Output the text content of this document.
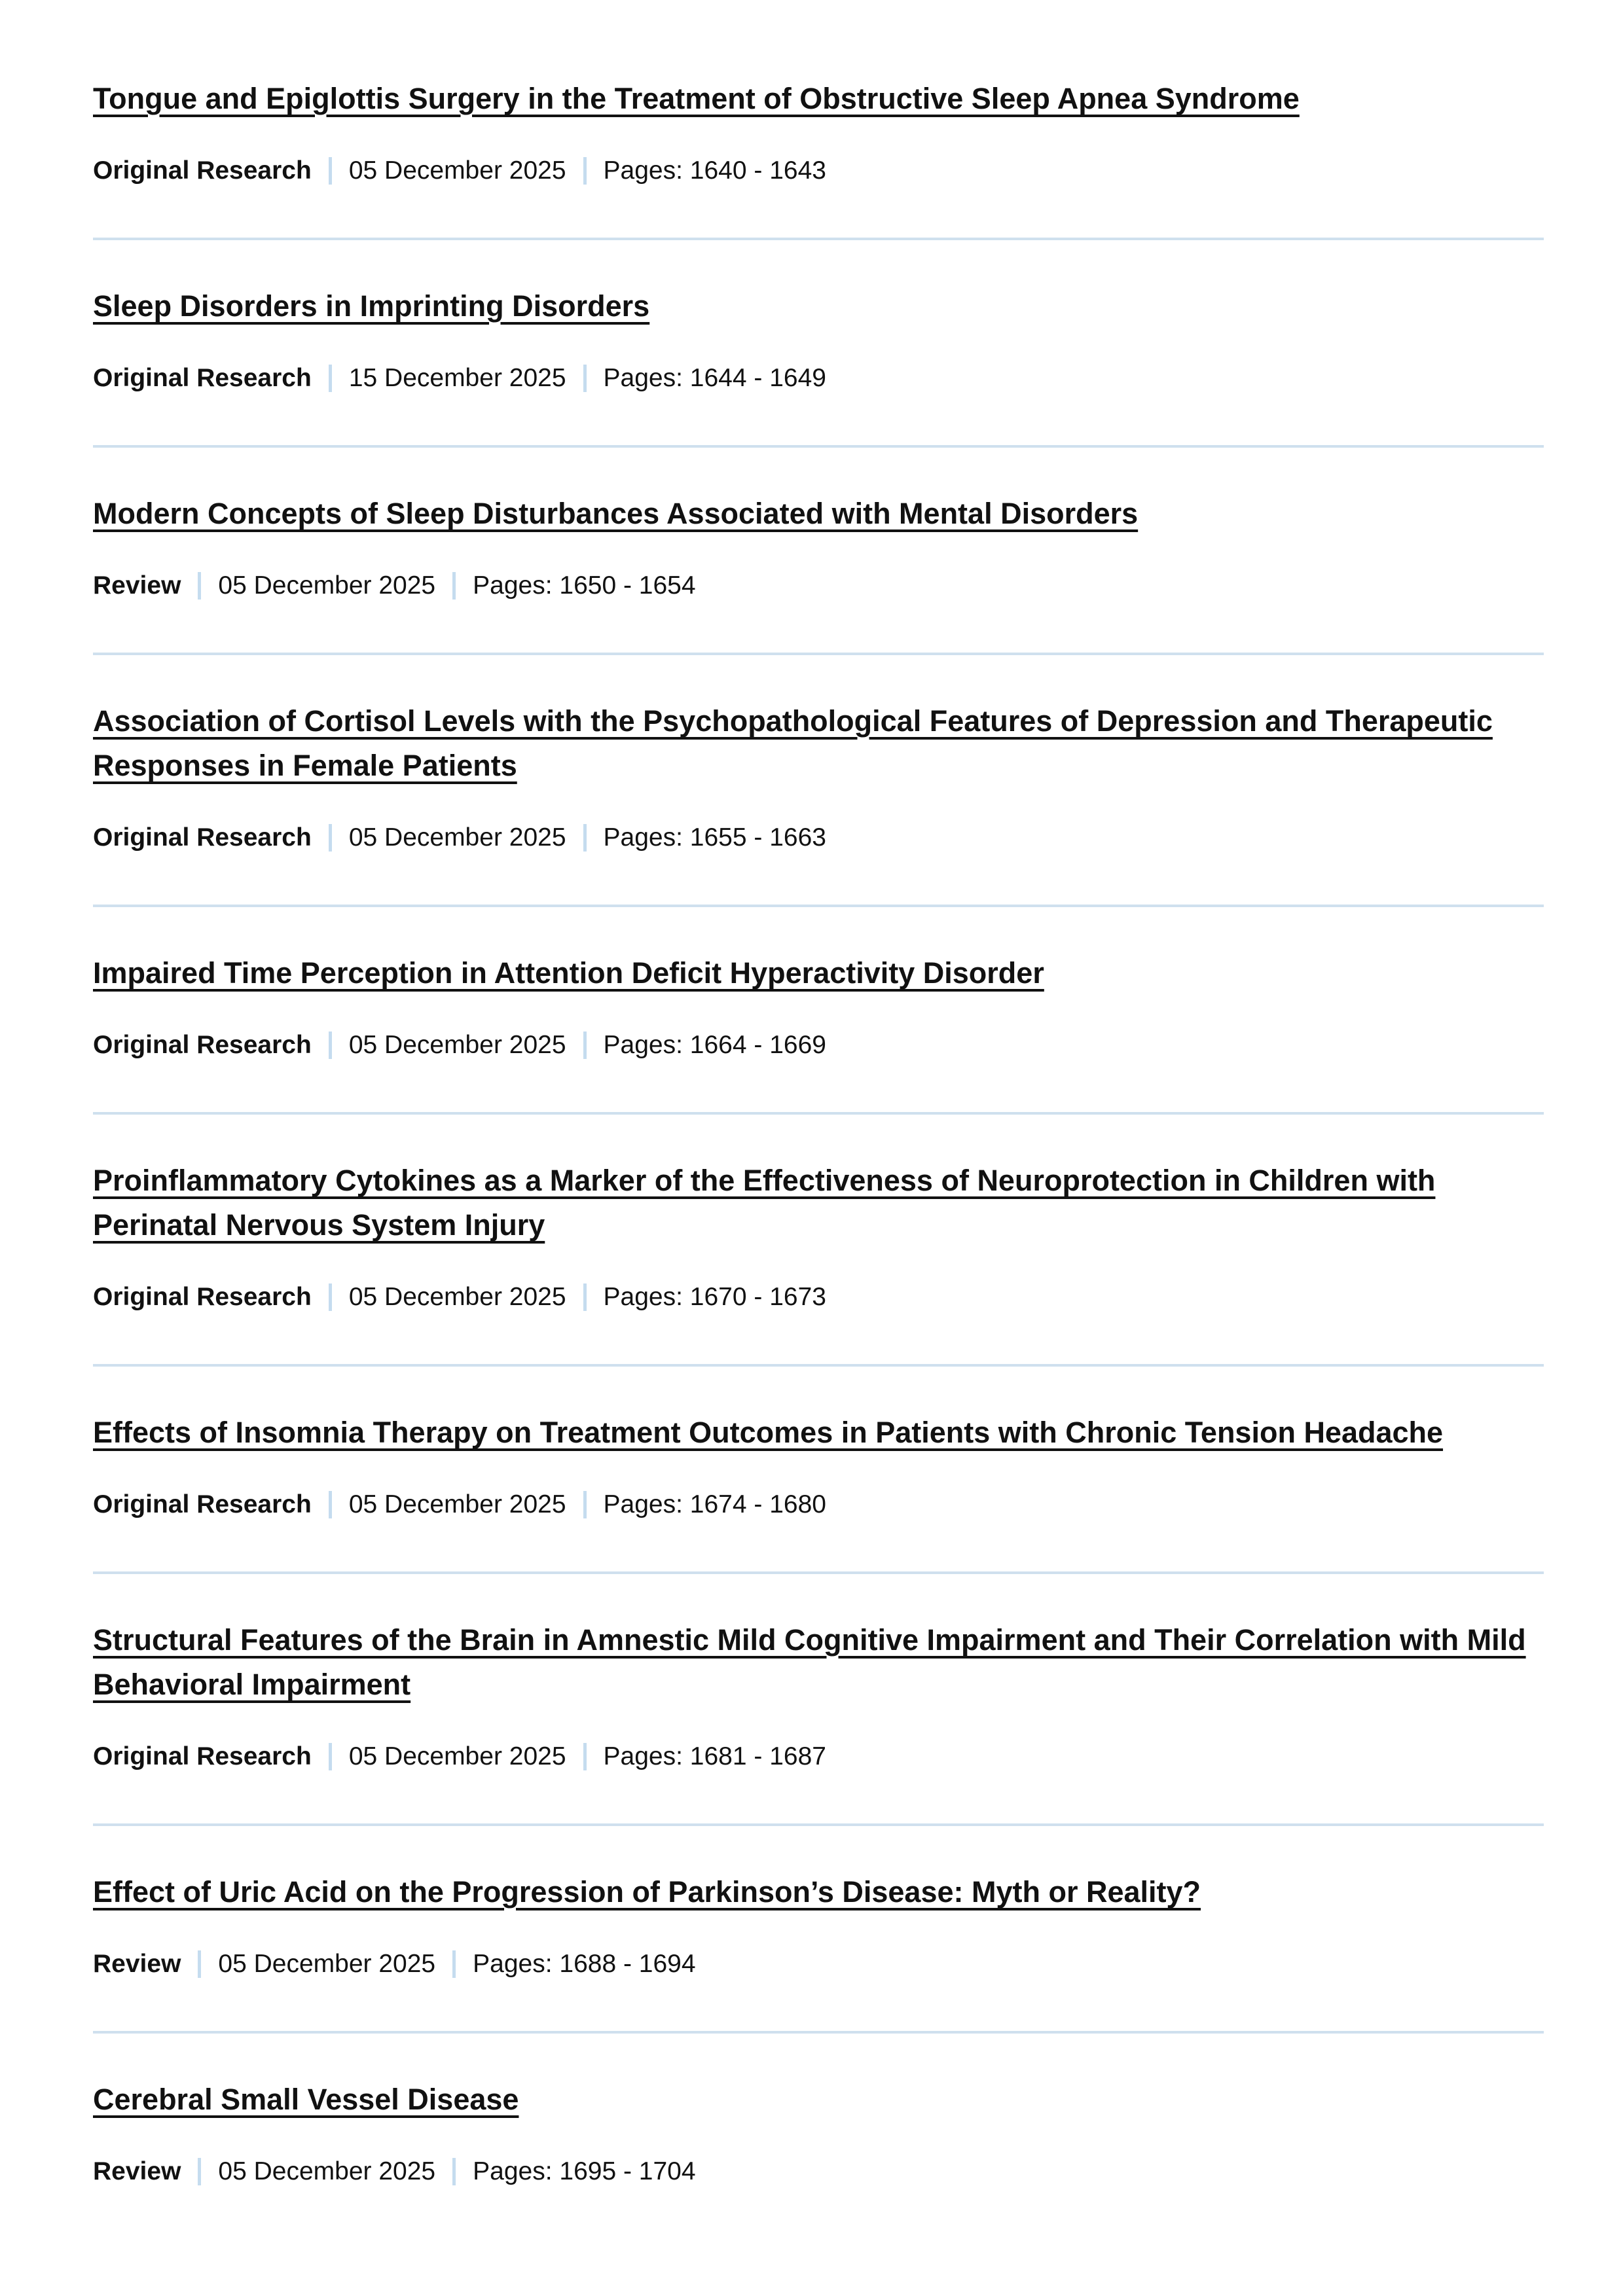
Tongue and Epiglottis Surgery in the Treatment of Obstructive Sleep Apnea Syndrome
Original Research 05 December 2025 Pages: 1640 - 1643
Sleep Disorders in Imprinting Disorders
Original Research 15 December 2025 Pages: 1644 - 1649
Modern Concepts of Sleep Disturbances Associated with Mental Disorders
Review 05 December 2025 Pages: 1650 - 1654
Association of Cortisol Levels with the Psychopathological Features of Depression and Therapeutic Responses in Female Patients
Original Research 05 December 2025 Pages: 1655 - 1663
Impaired Time Perception in Attention Deficit Hyperactivity Disorder
Original Research 05 December 2025 Pages: 1664 - 1669
Proinflammatory Cytokines as a Marker of the Effectiveness of Neuroprotection in Children with Perinatal Nervous System Injury
Original Research 05 December 2025 Pages: 1670 - 1673
Effects of Insomnia Therapy on Treatment Outcomes in Patients with Chronic Tension Headache
Original Research 05 December 2025 Pages: 1674 - 1680
Structural Features of the Brain in Amnestic Mild Cognitive Impairment and Their Correlation with Mild Behavioral Impairment
Original Research 05 December 2025 Pages: 1681 - 1687
Effect of Uric Acid on the Progression of Parkinson’s Disease: Myth or Reality?
Review 05 December 2025 Pages: 1688 - 1694
Cerebral Small Vessel Disease
Review 05 December 2025 Pages: 1695 - 1704
